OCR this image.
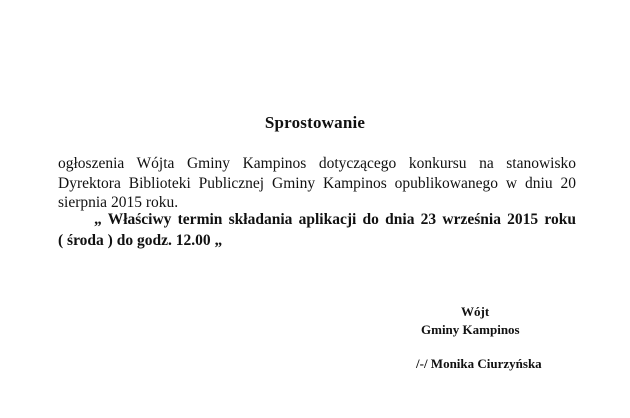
Sprostowanie
ogłoszenia Wójta Gminy Kampinos dotyczącego konkursu na stanowisko
Dyrektora Biblioteki Publicznej Gminy Kampinos opublikowanego w dniu 20
sierpnia 2015 roku.
„ Właściwy termin składania aplikacji do dnia 23 września 2015 roku
( środa ) do godz. 12.00 „
Wójt
Gminy Kampinos
/-/ Monika Ciurzyńska
